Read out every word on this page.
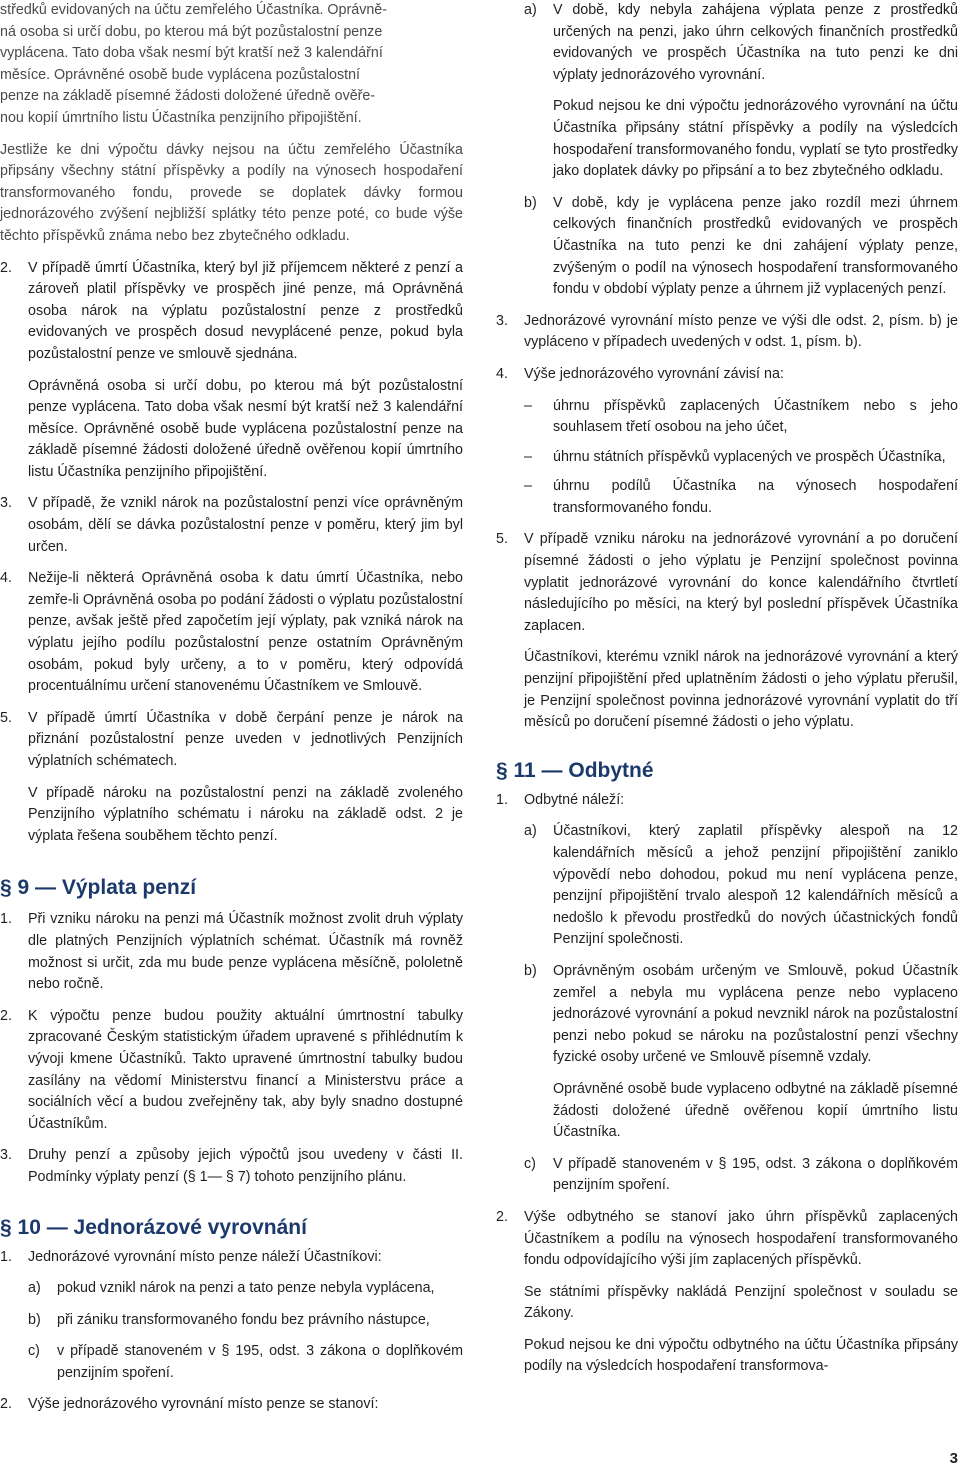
středků evidovaných na účtu zemřelého Účastníka. Oprávně-
ná osoba si určí dobu, po kterou má být pozůstalostní penze
vyplácena. Tato doba však nesmí být kratší než 3 kalendářní
měsíce. Oprávněné osobě bude vyplácena pozůstalostní
penze na základě písemné žádosti doložené úředně ověře-
nou kopií úmrtního listu Účastníka penzijního připojištění.

Jestliže ke dni výpočtu dávky nejsou na účtu zemřelého Účastníka připsány všechny státní příspěvky a podíly na výnosech hospodaření transformovaného fondu, provede se doplatek dávky formou jednorázového zvýšení nejbližší splátky této penze poté, co bude výše těchto příspěvků známa nebo bez zbytečného odkladu.

2. V případě úmrtí Účastníka, který byl již příjemcem některé z penzí a zároveň platil příspěvky ve prospěch jiné penze, má Oprávněná osoba nárok na výplatu pozůstalostní penze z prostředků evidovaných ve prospěch dosud nevyplácené penze, pokud byla pozůstalostní penze ve smlouvě sjednána.

Oprávněná osoba si určí dobu, po kterou má být pozůstalostní penze vyplácena. Tato doba však nesmí být kratší než 3 kalendářní měsíce. Oprávněné osobě bude vyplácena pozůstalostní penze na základě písemné žádosti doložené úředně ověřenou kopií úmrtního listu Účastníka penzijního připojištění.

3. V případě, že vznikl nárok na pozůstalostní penzi více oprávněným osobám, dělí se dávka pozůstalostní penze v poměru, který jim byl určen.
4. Nežije-li některá Oprávněná osoba k datu úmrtí Účastníka, nebo zemře-li Oprávněná osoba po podání žádosti o výplatu pozůstalostní penze, avšak ještě před započetím její výplaty, pak vzniká nárok na výplatu jejího podílu pozůstalostní penze ostatním Oprávněným osobám, pokud byly určeny, a to v poměru, který odpovídá procentuálnímu určení stanovenému Účastníkem ve Smlouvě.
5. V případě úmrtí Účastníka v době čerpání penze je nárok na přiznání pozůstalostní penze uveden v jednotlivých Penzijních výplatních schématech.

V případě nároku na pozůstalostní penzi na základě zvoleného Penzijního výplatního schématu i nároku na základě odst. 2 je výplata řešena souběhem těchto penzí.

§ 9 — Výplata penzí
1. Při vzniku nároku na penzi má Účastník možnost zvolit druh výplaty dle platných Penzijních výplatních schémat. Účastník má rovněž možnost si určit, zda mu bude penze vyplácena měsíčně, pololetně nebo ročně.
2. K výpočtu penze budou použity aktuální úmrtnostní tabulky zpracované Českým statistickým úřadem upravené s přihlédnutím k vývoji kmene Účastníků. Takto upravené úmrtnostní tabulky budou zasílány na vědomí Ministerstvu financí a Ministerstvu práce a sociálních věcí a budou zveřejněny tak, aby byly snadno dostupné Účastníkům.
3. Druhy penzí a způsoby jejich výpočtů jsou uvedeny v části II. Podmínky výplaty penzí (§ 1— § 7) tohoto penzijního plánu.
§ 10 — Jednorázové vyrovnání
1. Jednorázové vyrovnání místo penze náleží Účastníkovi:
a) pokud vznikl nárok na penzi a tato penze nebyla vyplácena,
b) při zániku transformovaného fondu bez právního nástupce,
c) v případě stanoveném v § 195, odst. 3 zákona o doplňkovém penzijním spoření.
2. Výše jednorázového vyrovnání místo penze se stanoví:
a) V době, kdy nebyla zahájena výplata penze z prostředků určených na penzi, jako úhrn celkových finančních prostředků evidovaných ve prospěch Účastníka na tuto penzi ke dni výplaty jednorázového vyrovnání.

Pokud nejsou ke dni výpočtu jednorázového vyrovnání na účtu Účastníka připsány státní příspěvky a podíly na výsledcích hospodaření transformovaného fondu, vyplatí se tyto prostředky jako doplatek dávky po připsání a to bez zbytečného odkladu.

b) V době, kdy je vyplácena penze jako rozdíl mezi úhrnem celkových finančních prostředků evidovaných ve prospěch Účastníka na tuto penzi ke dni zahájení výplaty penze, zvýšeným o podíl na výnosech hospodaření transformovaného fondu v období výplaty penze a úhrnem již vyplacených penzí.
3. Jednorázové vyrovnání místo penze ve výši dle odst. 2, písm. b) je vypláceno v případech uvedených v odst. 1, písm. b).
4. Výše jednorázového vyrovnání závisí na:
– úhrnu příspěvků zaplacených Účastníkem nebo s jeho souhlasem třetí osobou na jeho účet,
– úhrnu státních příspěvků vyplacených ve prospěch Účastníka,
– úhrnu podílů Účastníka na výnosech hospodaření transformovaného fondu.
5. V případě vzniku nároku na jednorázové vyrovnání a po doručení písemné žádosti o jeho výplatu je Penzijní společnost povinna vyplatit jednorázové vyrovnání do konce kalendářního čtvrtletí následujícího po měsíci, na který byl poslední příspěvek Účastníka zaplacen.

Účastníkovi, kterému vznikl nárok na jednorázové vyrovnání a který penzijní připojištění před uplatněním žádosti o jeho výplatu přerušil, je Penzijní společnost povinna jednorázové vyrovnání vyplatit do tří měsíců po doručení písemné žádosti o jeho výplatu.

§ 11 — Odbytné
1. Odbytné náleží:
a) Účastníkovi, který zaplatil příspěvky alespoň na 12 kalendářních měsíců a jehož penzijní připojištění zaniklo výpovědí nebo dohodou, pokud mu není vyplácena penze, penzijní připojištění trvalo alespoň 12 kalendářních měsíců a nedošlo k převodu prostředků do nových účastnických fondů Penzijní společnosti.
b) Oprávněným osobám určeným ve Smlouvě, pokud Účastník zemřel a nebyla mu vyplácena penze nebo vyplaceno jednorázové vyrovnání a pokud nevznikl nárok na pozůstalostní penzi nebo pokud se nároku na pozůstalostní penzi všechny fyzické osoby určené ve Smlouvě písemně vzdaly.

Oprávněné osobě bude vyplaceno odbytné na základě písemné žádosti doložené úředně ověřenou kopií úmrtního listu Účastníka.

c) V případě stanoveném v § 195, odst. 3 zákona o doplňkovém penzijním spoření.
2. Výše odbytného se stanoví jako úhrn příspěvků zaplacených Účastníkem a podílu na výnosech hospodaření transformovaného fondu odpovídajícího výši jím zaplacených příspěvků.

Se státními příspěvky nakládá Penzijní společnost v souladu se Zákony.

Pokud nejsou ke dni výpočtu odbytného na účtu Účastníka připsány podíly na výsledcích hospodaření transformova-

3
